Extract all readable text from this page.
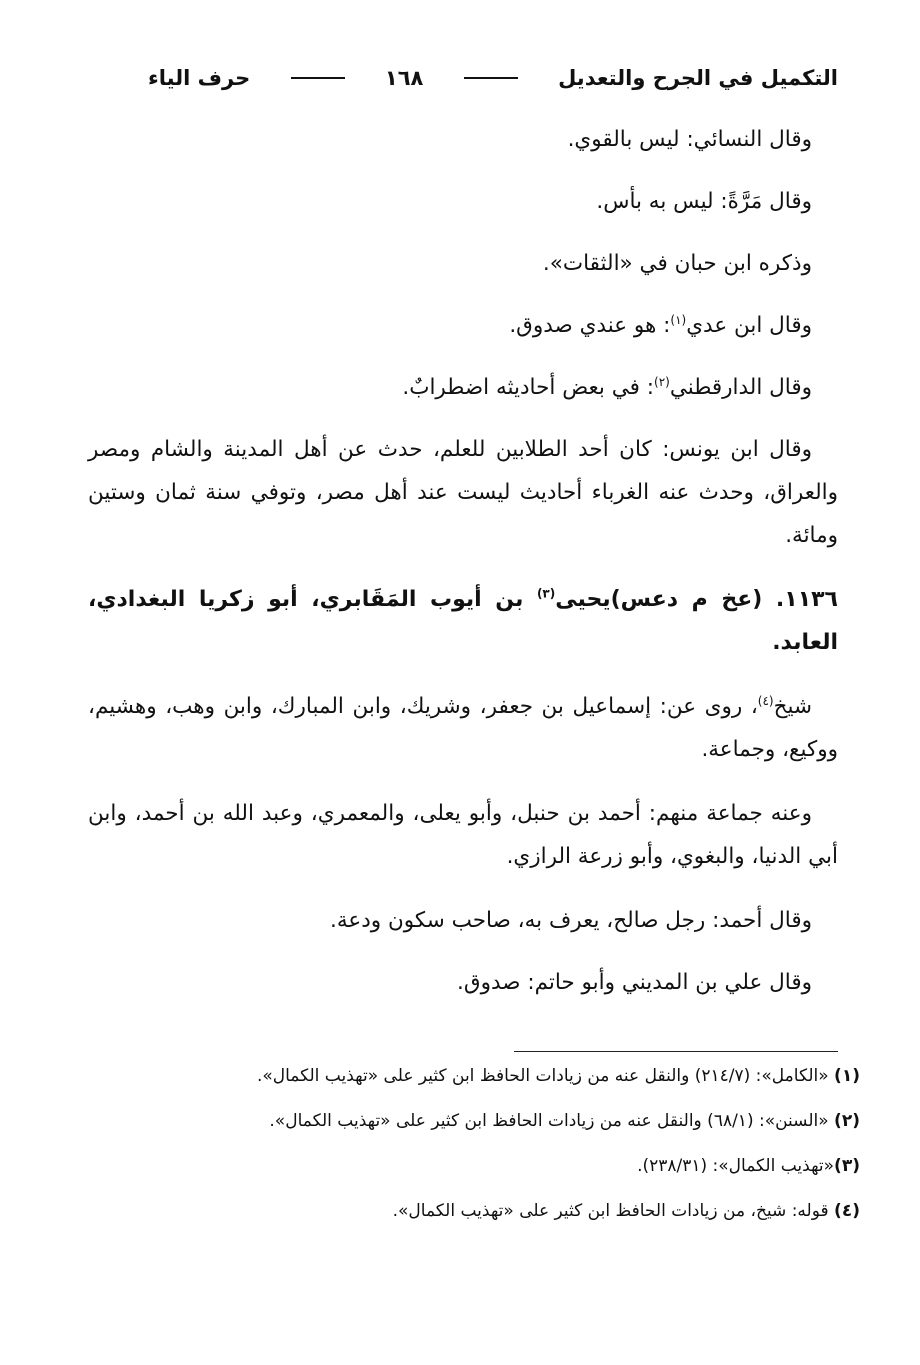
التكميل في الجرح والتعديل
١٦٨
حرف الياء

وقال النسائي: ليس بالقوي.

وقال مَرَّةً: ليس به بأس.

وذكره ابن حبان في «الثقات».

وقال ابن عدي$^{(١)}$: هو عندي صدوق.

وقال الدارقطني$^{(٢)}$: في بعض أحاديثه اضطرابٌ.

وقال ابن يونس: كان أحد الطلابين للعلم، حدث عن أهل المدينة والشام ومصر والعراق، وحدث عنه الغرباء أحاديث ليست عند أهل مصر، وتوفي سنة ثمان وستين ومائة.

١١٣٦. (عخ م دعس)يحيى$^{(٣)}$ بن أيوب المَقَابري، أبو زكريا البغدادي، العابد.

شيخ$^{(٤)}$، روى عن: إسماعيل بن جعفر، وشريك، وابن المبارك، وابن وهب، وهشيم، ووكيع، وجماعة.

وعنه جماعة منهم: أحمد بن حنبل، وأبو يعلى، والمعمري، وعبد الله بن أحمد، وابن أبي الدنيا، والبغوي، وأبو زرعة الرازي.

وقال أحمد: رجل صالح، يعرف به، صاحب سكون ودعة.

وقال علي بن المديني وأبو حاتم: صدوق.

(١) «الكامل»: (٢١٤/٧) والنقل عنه من زيادات الحافظ ابن كثير على «تهذيب الكمال».
(٢) «السنن»: (٦٨/١) والنقل عنه من زيادات الحافظ ابن كثير على «تهذيب الكمال».
(٣)«تهذيب الكمال»: (٢٣٨/٣١).
(٤) قوله: شيخ، من زيادات الحافظ ابن كثير على «تهذيب الكمال».
